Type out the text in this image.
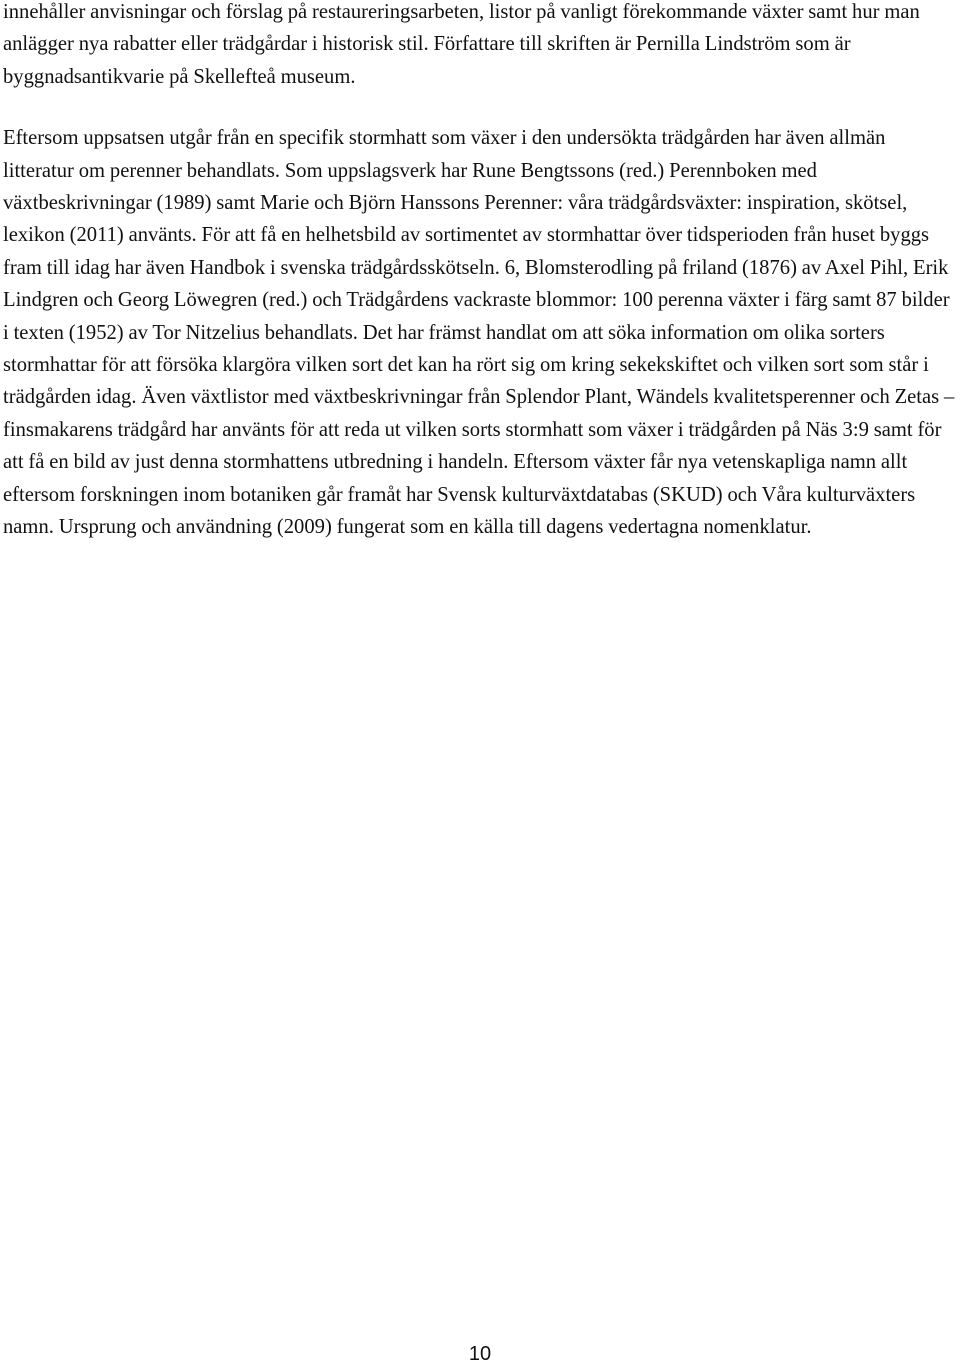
innehåller anvisningar och förslag på restaureringsarbeten, listor på vanligt förekommande växter samt hur man anlägger nya rabatter eller trädgårdar i historisk stil. Författare till skriften är Pernilla Lindström som är byggnadsantikvarie på Skellefteå museum.

Eftersom uppsatsen utgår från en specifik stormhatt som växer i den undersökta trädgården har även allmän litteratur om perenner behandlats. Som uppslagsverk har Rune Bengtssons (red.) Perennboken med växtbeskrivningar (1989) samt Marie och Björn Hanssons Perenner: våra trädgårdsväxter: inspiration, skötsel, lexikon (2011) använts. För att få en helhetsbild av sortimentet av stormhattar över tidsperioden från huset byggs fram till idag har även Handbok i svenska trädgårdsskötseln. 6, Blomsterodling på friland (1876) av Axel Pihl, Erik Lindgren och Georg Löwegren (red.) och Trädgårdens vackraste blommor: 100 perenna växter i färg samt 87 bilder i texten (1952) av Tor Nitzelius behandlats. Det har främst handlat om att söka information om olika sorters stormhattar för att försöka klargöra vilken sort det kan ha rört sig om kring sekekskiftet och vilken sort som står i trädgården idag. Även växtlistor med växtbeskrivningar från Splendor Plant, Wändels kvalitetsperenner och Zetas – finsmakarens trädgård har använts för att reda ut vilken sorts stormhatt som växer i trädgården på Näs 3:9 samt för att få en bild av just denna stormhattens utbredning i handeln. Eftersom växter får nya vetenskapliga namn allt eftersom forskningen inom botaniken går framåt har Svensk kulturväxtdatabas (SKUD) och Våra kulturväxters namn. Ursprung och användning (2009) fungerat som en källa till dagens vedertagna nomenklatur.

10
